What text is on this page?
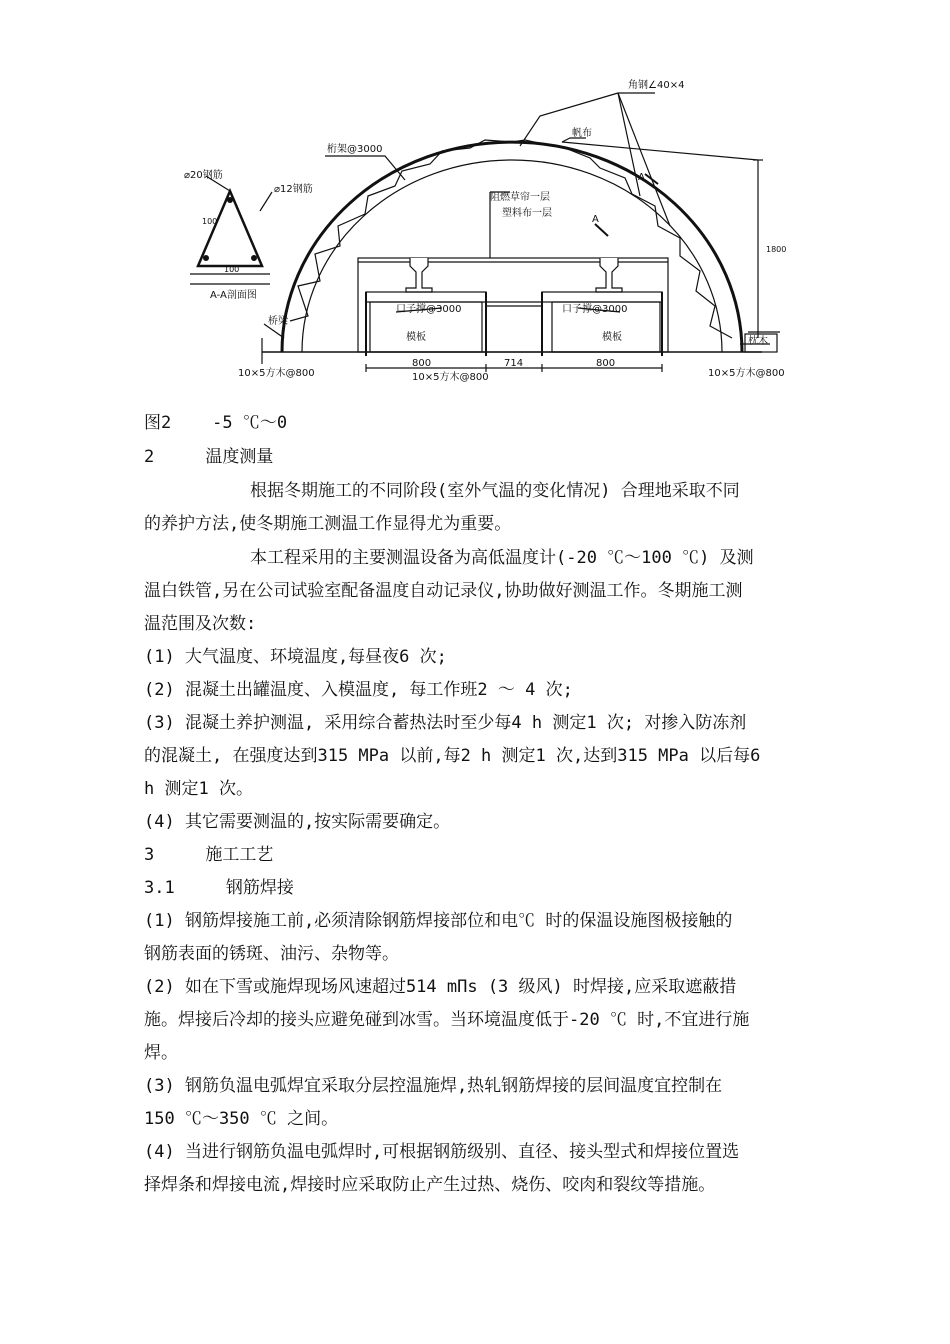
角钢∠40×4
帆布
桁架@3000
⌀20钢筋
⌀12钢筋
A-A剖面图
100
100
A
A
阻燃草帘一层
塑料布一层
1800
口子撑@3000	口子撑@3000
模板	模板
桥梁
枕木
800	714	800
10×5方木@800	10×5方木@800	10×5方木@800
图2    -5 ℃～0
2     温度测量
根据冬期施工的不同阶段(室外气温的变化情况) 合理地采取不同
的养护方法,使冬期施工测温工作显得尤为重要。
本工程采用的主要测温设备为高低温度计(-20 ℃～100 ℃) 及测
温白铁管,另在公司试验室配备温度自动记录仪,协助做好测温工作。冬期施工测
温范围及次数:
(1) 大气温度、环境温度,每昼夜6 次;
(2) 混凝土出罐温度、入模温度, 每工作班2 ～ 4 次;
(3) 混凝土养护测温, 采用综合蓄热法时至少每4 h 测定1 次; 对掺入防冻剂
的混凝土, 在强度达到315 MPa 以前,每2 h 测定1 次,达到315 MPa 以后每6
h 测定1 次。
(4) 其它需要测温的,按实际需要确定。
3     施工工艺
3.1     钢筋焊接
(1) 钢筋焊接施工前,必须清除钢筋焊接部位和电℃ 时的保温设施图极接触的
钢筋表面的锈斑、油污、杂物等。
(2) 如在下雪或施焊现场风速超过514 mΠs (3 级风) 时焊接,应采取遮蔽措
施。焊接后冷却的接头应避免碰到冰雪。当环境温度低于-20 ℃ 时,不宜进行施
焊。
(3) 钢筋负温电弧焊宜采取分层控温施焊,热轧钢筋焊接的层间温度宜控制在
150 ℃～350 ℃ 之间。
(4) 当进行钢筋负温电弧焊时,可根据钢筋级别、直径、接头型式和焊接位置选
择焊条和焊接电流,焊接时应采取防止产生过热、烧伤、咬肉和裂纹等措施。
